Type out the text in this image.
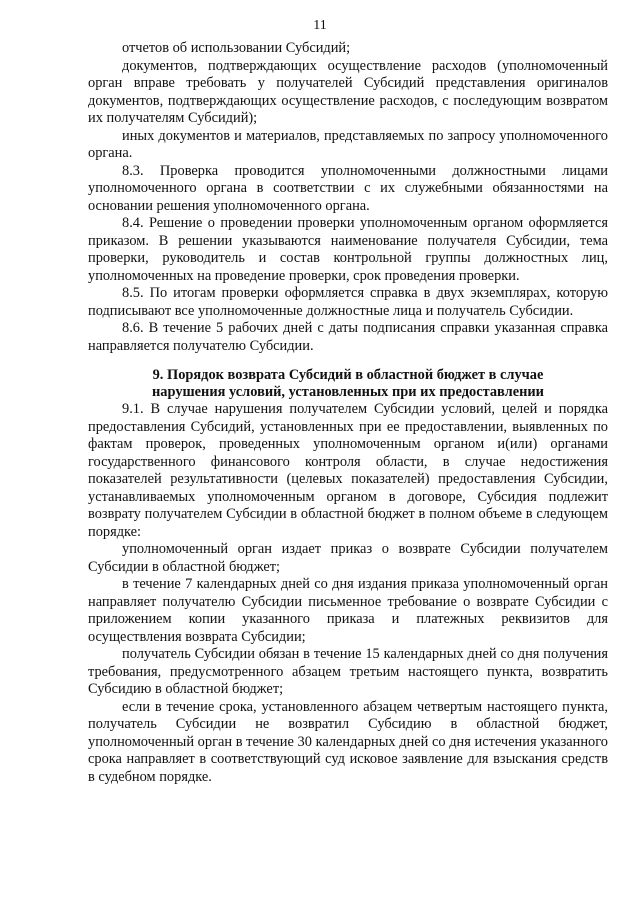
11

отчетов об использовании Субсидий;

документов, подтверждающих осуществление расходов (уполномоченный орган вправе требовать у получателей Субсидий представления оригиналов документов, подтверждающих осуществление расходов, с последующим возвратом их получателям Субсидий);

иных документов и материалов, представляемых по запросу уполномоченного органа.

8.3. Проверка проводится уполномоченными должностными лицами уполномоченного органа в соответствии с их служебными обязанностями на основании решения уполномоченного органа.

8.4. Решение о проведении проверки уполномоченным органом оформляется приказом. В решении указываются наименование получателя Субсидии, тема проверки, руководитель и состав контрольной группы должностных лиц, уполномоченных на проведение проверки, срок проведения проверки.

8.5. По итогам проверки оформляется справка в двух экземплярах, которую подписывают все уполномоченные должностные лица и получатель Субсидии.

8.6. В течение 5 рабочих дней с даты подписания справки указанная справка направляется получателю Субсидии.

9. Порядок возврата Субсидий в областной бюджет в случае
нарушения условий, установленных при их предоставлении

9.1. В случае нарушения получателем Субсидии условий, целей и порядка предоставления Субсидий, установленных при ее предоставлении, выявленных по фактам проверок, проведенных уполномоченным органом и(или) органами государственного финансового контроля области, в случае недостижения показателей результативности (целевых показателей) предоставления Субсидии, устанавливаемых уполномоченным органом в договоре, Субсидия подлежит возврату получателем Субсидии в областной бюджет в полном объеме в следующем порядке:

уполномоченный орган издает приказ о возврате Субсидии получателем Субсидии в областной бюджет;

в течение 7 календарных дней со дня издания приказа уполномоченный орган направляет получателю Субсидии письменное требование о возврате Субсидии с приложением копии указанного приказа и платежных реквизитов для осуществления возврата Субсидии;

получатель Субсидии обязан в течение 15 календарных дней со дня получения требования, предусмотренного абзацем третьим настоящего пункта, возвратить Субсидию в областной бюджет;

если в течение срока, установленного абзацем четвертым настоящего пункта, получатель Субсидии не возвратил Субсидию в областной бюджет, уполномоченный орган в течение 30 календарных дней со дня истечения указанного срока направляет в соответствующий суд исковое заявление для взыскания средств в судебном порядке.
